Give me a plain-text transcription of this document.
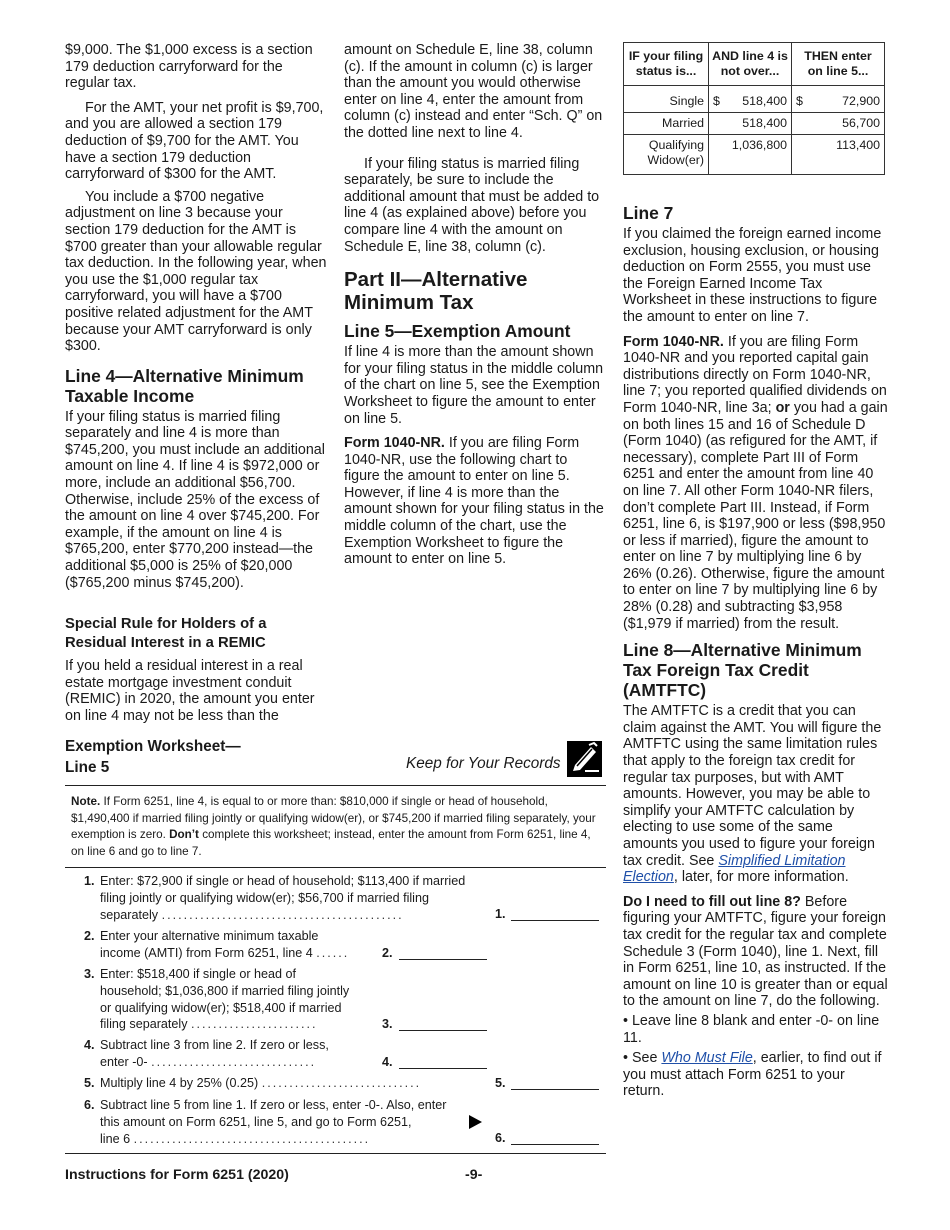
$9,000. The $1,000 excess is a section 179 deduction carryforward for the regular tax.

For the AMT, your net profit is $9,700, and you are allowed a section 179 deduction of $9,700 for the AMT. You have a section 179 deduction carryforward of $300 for the AMT.

You include a $700 negative adjustment on line 3 because your section 179 deduction for the AMT is $700 greater than your allowable regular tax deduction. In the following year, when you use the $1,000 regular tax carryforward, you will have a $700 positive related adjustment for the AMT because your AMT carryforward is only $300.

Line 4—Alternative Minimum Taxable Income

If your filing status is married filing separately and line 4 is more than $745,200, you must include an additional amount on line 4. If line 4 is $972,000 or more, include an additional $56,700. Otherwise, include 25% of the excess of the amount on line 4 over $745,200. For example, if the amount on line 4 is $765,200, enter $770,200 instead—the additional $5,000 is 25% of $20,000 ($765,200 minus $745,200).

Special Rule for Holders of a Residual Interest in a REMIC

If you held a residual interest in a real estate mortgage investment conduit (REMIC) in 2020, the amount you enter on line 4 may not be less than the

amount on Schedule E, line 38, column (c). If the amount in column (c) is larger than the amount you would otherwise enter on line 4, enter the amount from column (c) instead and enter “Sch. Q” on the dotted line next to line 4.

If your filing status is married filing separately, be sure to include the additional amount that must be added to line 4 (as explained above) before you compare line 4 with the amount on Schedule E, line 38, column (c).

Part II—Alternative Minimum Tax
Line 5—Exemption Amount

If line 4 is more than the amount shown for your filing status in the middle column of the chart on line 5, see the Exemption Worksheet to figure the amount to enter on line 5.

Form 1040-NR. If you are filing Form 1040-NR, use the following chart to figure the amount to enter on line 5. However, if line 4 is more than the amount shown for your filing status in the middle column of the chart, use the Exemption Worksheet to figure the amount to enter on line 5.

IF your filing status is...	AND line 4 is not over...	THEN enter on line 5...
Single	$ 518,400	$ 72,900
Married	518,400	56,700
Qualifying Widow(er)	1,036,800	113,400
Line 7

If you claimed the foreign earned income exclusion, housing exclusion, or housing deduction on Form 2555, you must use the Foreign Earned Income Tax Worksheet in these instructions to figure the amount to enter on line 7.

Form 1040-NR. If you are filing Form 1040-NR and you reported capital gain distributions directly on Form 1040-NR, line 7; you reported qualified dividends on Form 1040-NR, line 3a; or you had a gain on both lines 15 and 16 of Schedule D (Form 1040) (as refigured for the AMT, if necessary), complete Part III of Form 6251 and enter the amount from line 40 on line 7. All other Form 1040-NR filers, don’t complete Part III. Instead, if Form 6251, line 6, is $197,900 or less ($98,950 or less if married), figure the amount to enter on line 7 by multiplying line 6 by 26% (0.26). Otherwise, figure the amount to enter on line 7 by multiplying line 6 by 28% (0.28) and subtracting $3,958 ($1,979 if married) from the result.

Line 8—Alternative Minimum Tax Foreign Tax Credit (AMTFTC)

The AMTFTC is a credit that you can claim against the AMT. You will figure the AMTFTC using the same limitation rules that apply to the foreign tax credit for regular tax purposes, but with AMT amounts. However, you may be able to simplify your AMTFTC calculation by electing to use some of the same amounts you used to figure your foreign tax credit. See Simplified Limitation Election, later, for more information.

Do I need to fill out line 8? Before figuring your AMTFTC, figure your foreign tax credit for the regular tax and complete Schedule 3 (Form 1040), line 1. Next, fill in Form 6251, line 10, as instructed. If the amount on line 10 is greater than or equal to the amount on line 7, do the following.

• Leave line 8 blank and enter -0- on line 11.
• See Who Must File, earlier, to find out if you must attach Form 6251 to your return.
Exemption Worksheet—
Line 5	Keep for Your Records
Note. If Form 6251, line 4, is equal to or more than: $810,000 if single or head of household, $1,490,400 if married filing jointly or qualifying widow(er), or $745,200 if married filing separately, your exemption is zero. Don’t complete this worksheet; instead, enter the amount from Form 6251, line 4, on line 6 and go to line 7.
1. Enter: $72,900 if single or head of household; $113,400 if married
filing jointly or qualifying widow(er); $56,700 if married filing
separately ............................................	1.
2. Enter your alternative minimum taxable
income (AMTI) from Form 6251, line 4 ......	2.
3. Enter: $518,400 if single or head of
household; $1,036,800 if married filing jointly
or qualifying widow(er); $518,400 if married
filing separately .......................	3.
4. Subtract line 3 from line 2. If zero or less,
enter -0- ..............................	4.
5. Multiply line 4 by 25% (0.25) .............................	5.
6. Subtract line 5 from line 1. If zero or less, enter -0-. Also, enter
this amount on Form 6251, line 5, and go to Form 6251,
line 6 ...........................................	6.
Instructions for Form 6251 (2020)	-9-
